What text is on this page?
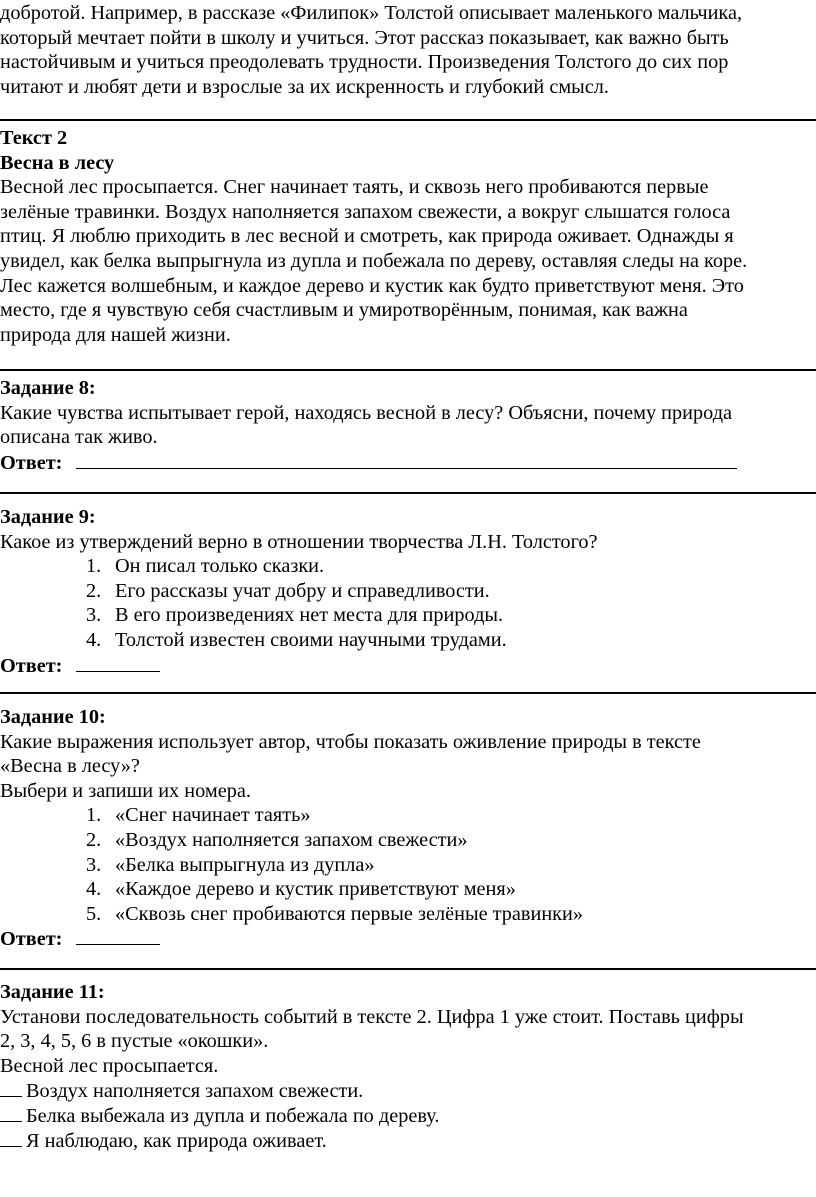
добротой. Например, в рассказе «Филипок» Толстой описывает маленького мальчика,
который мечтает пойти в школу и учиться. Этот рассказ показывает, как важно быть
настойчивым и учиться преодолевать трудности. Произведения Толстого до сих пор
читают и любят дети и взрослые за их искренность и глубокий смысл.
Текст 2
Весна в лесу
Весной лес просыпается. Снег начинает таять, и сквозь него пробиваются первые
зелёные травинки. Воздух наполняется запахом свежести, а вокруг слышатся голоса
птиц. Я люблю приходить в лес весной и смотреть, как природа оживает. Однажды я
увидел, как белка выпрыгнула из дупла и побежала по дереву, оставляя следы на коре.
Лес кажется волшебным, и каждое дерево и кустик как будто приветствуют меня. Это
место, где я чувствую себя счастливым и умиротворённым, понимая, как важна
природа для нашей жизни.
Задание 8:
Какие чувства испытывает герой, находясь весной в лесу? Объясни, почему природа
описана так живо.
Ответ:
Задание 9:
Какое из утверждений верно в отношении творчества Л.Н. Толстого?
1. Он писал только сказки.
2. Его рассказы учат добру и справедливости.
3. В его произведениях нет места для природы.
4. Толстой известен своими научными трудами.
Ответ:
Задание 10:
Какие выражения использует автор, чтобы показать оживление природы в тексте
«Весна в лесу»?
Выбери и запиши их номера.
1. «Снег начинает таять»
2. «Воздух наполняется запахом свежести»
3. «Белка выпрыгнула из дупла»
4. «Каждое дерево и кустик приветствуют меня»
5. «Сквозь снег пробиваются первые зелёные травинки»
Ответ:
Задание 11:
Установи последовательность событий в тексте 2. Цифра 1 уже стоит. Поставь цифры
2, 3, 4, 5, 6 в пустые «окошки».
Весной лес просыпается.
Воздух наполняется запахом свежести.
Белка выбежала из дупла и побежала по дереву.
Я наблюдаю, как природа оживает.
